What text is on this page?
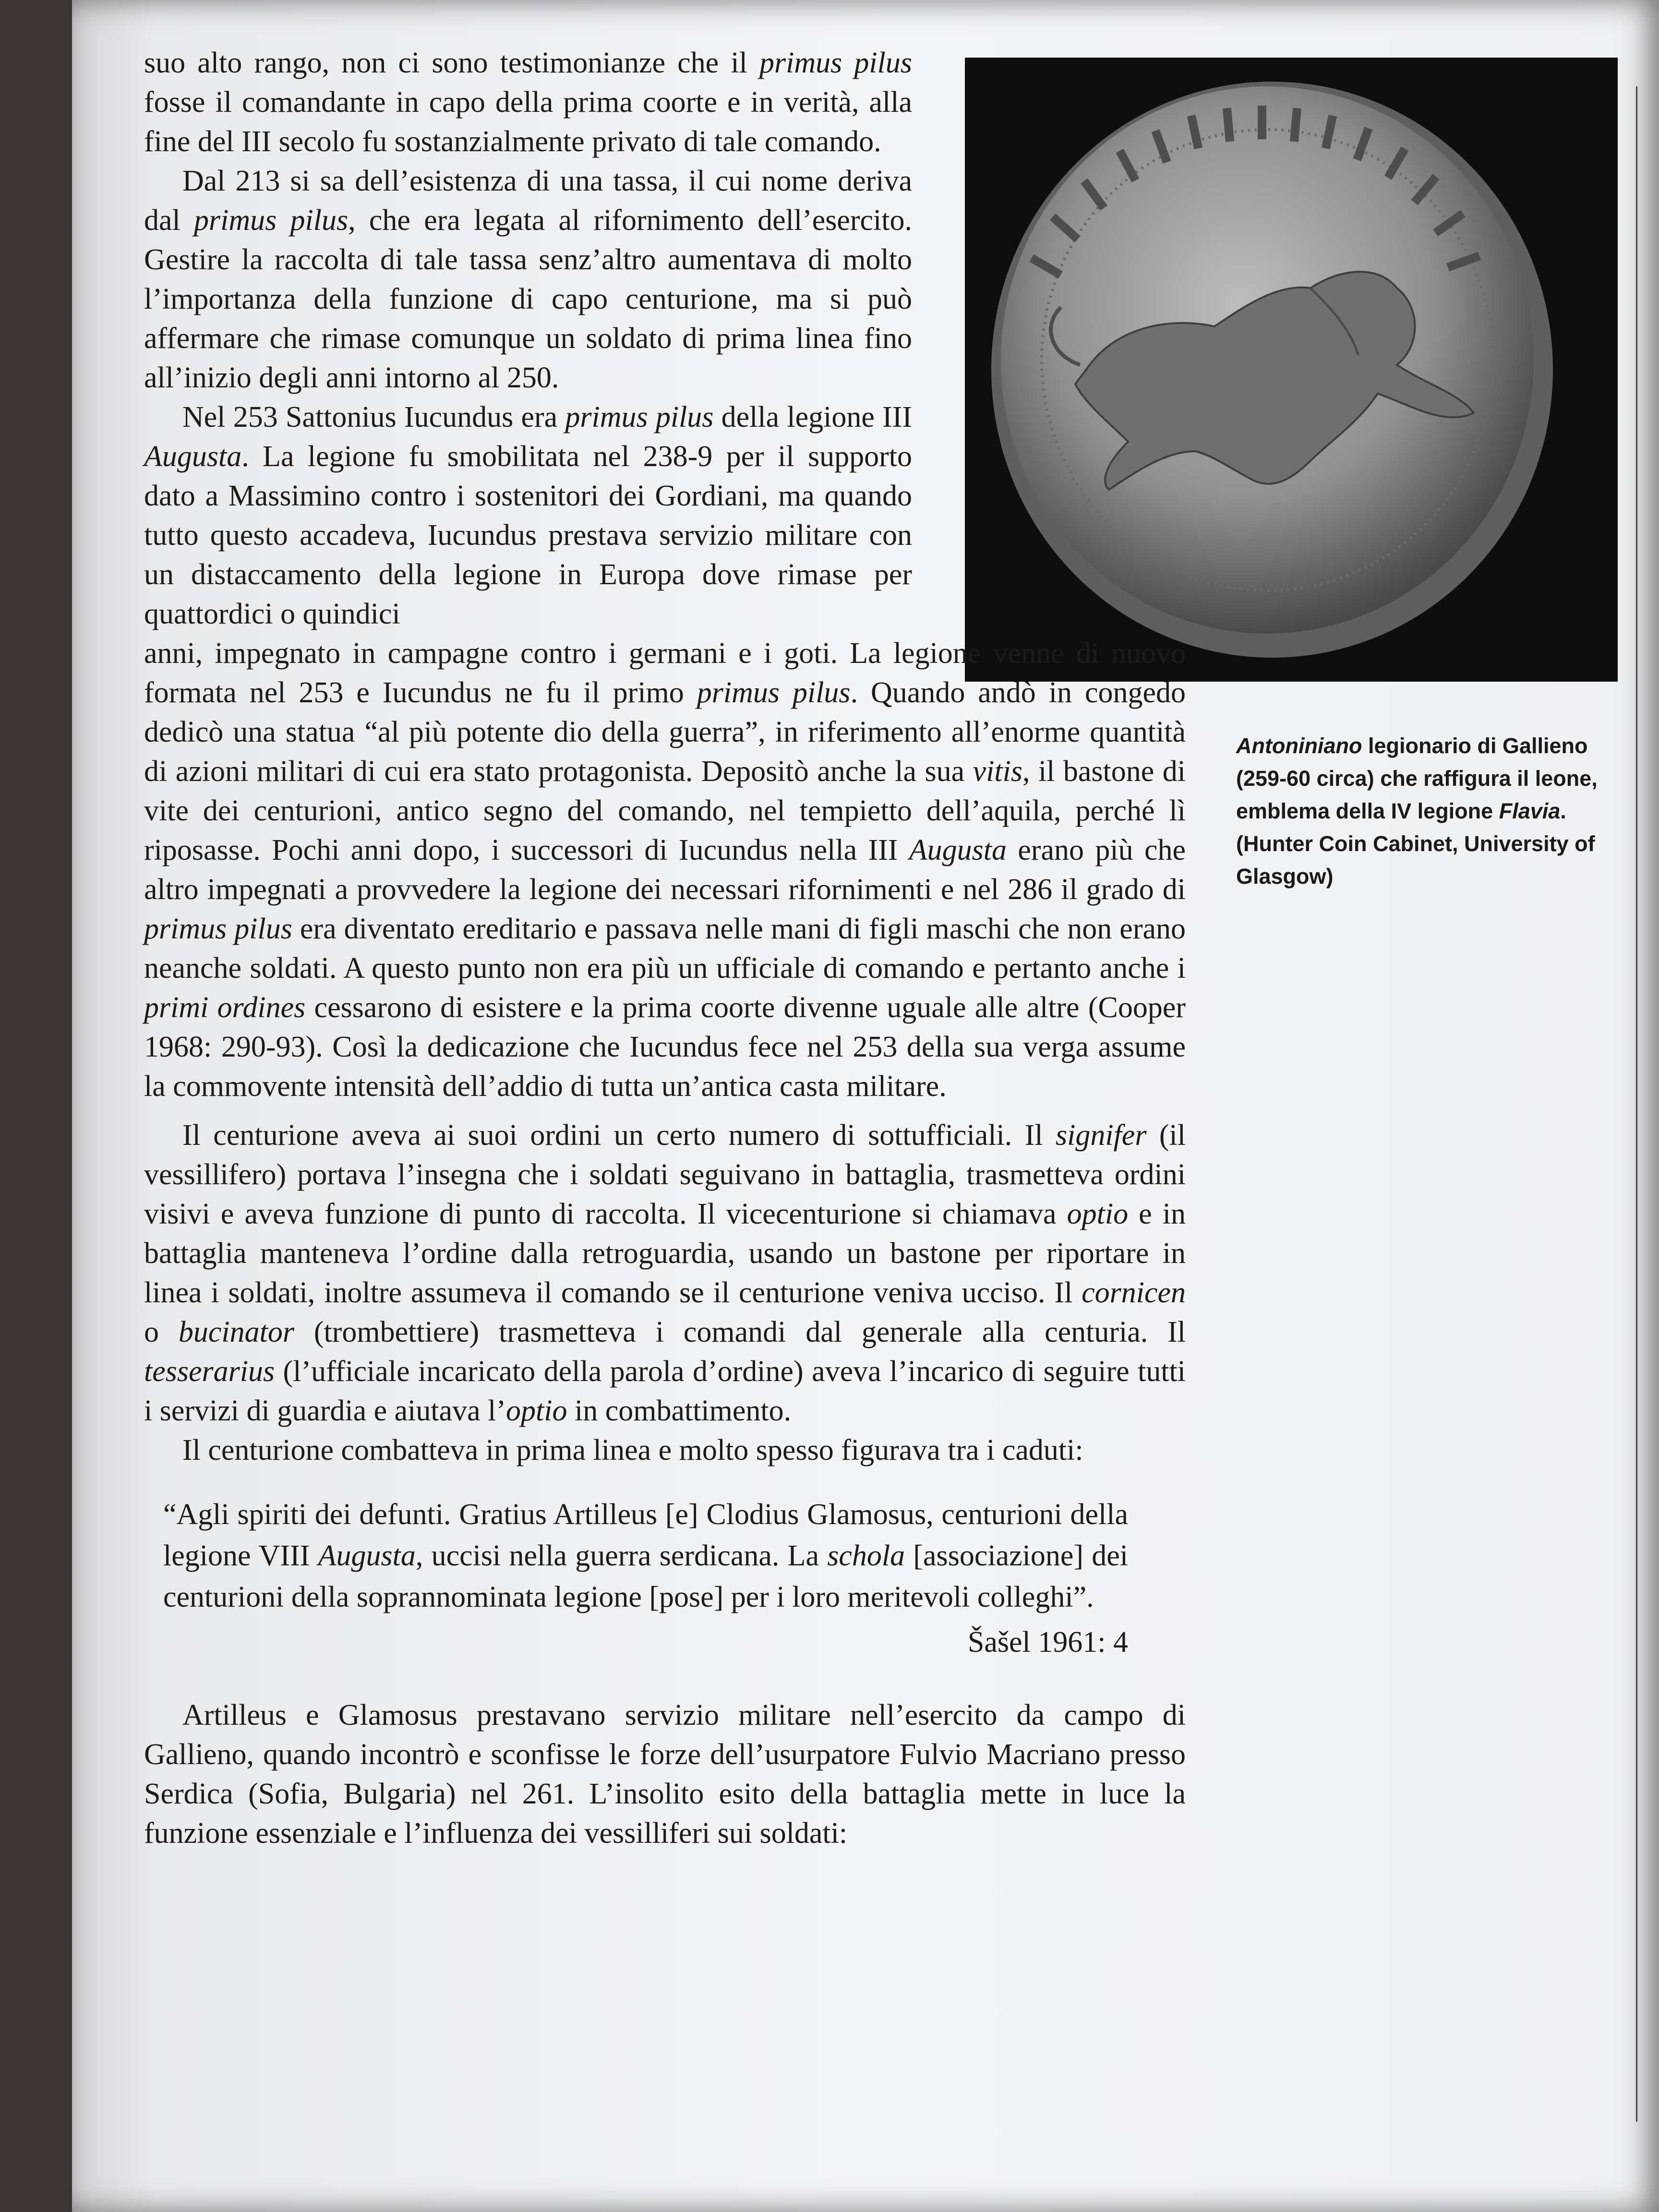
Antoniniano legionario di Gallieno (259-60 circa) che raffigura il leone, emblema della IV legione Flavia. (Hunter Coin Cabinet, University of Glasgow)

suo alto rango, non ci sono testimonianze che il primus pilus fosse il comandante in capo della prima coorte e in verità, alla fine del III secolo fu sostanzialmente privato di tale comando.

Dal 213 si sa dell’esistenza di una tassa, il cui nome deriva dal primus pilus, che era legata al rifornimento dell’esercito. Gestire la raccolta di tale tassa senz’altro aumentava di molto l’importanza della funzione di capo centurione, ma si può affermare che rimase comunque un soldato di prima linea fino all’inizio degli anni intorno al 250.

Nel 253 Sattonius Iucundus era primus pilus della legione III Augusta. La legione fu smobilitata nel 238-9 per il supporto dato a Massimino contro i sostenitori dei Gordiani, ma quando tutto questo accadeva, Iucundus prestava servizio militare con un distaccamento della legione in Europa dove rimase per quattordici o quindici

anni, impegnato in campagne contro i germani e i goti. La legione venne di nuovo formata nel 253 e Iucundus ne fu il primo primus pilus. Quando andò in congedo dedicò una statua “al più potente dio della guerra”, in riferimento all’enorme quantità di azioni militari di cui era stato protagonista. Depositò anche la sua vitis, il bastone di vite dei centurioni, antico segno del comando, nel tempietto dell’aquila, perché lì riposasse. Pochi anni dopo, i successori di Iucundus nella III Augusta erano più che altro impegnati a provvedere la legione dei necessari rifornimenti e nel 286 il grado di primus pilus era diventato ereditario e passava nelle mani di figli maschi che non erano neanche soldati. A questo punto non era più un ufficiale di comando e pertanto anche i primi ordines cessarono di esistere e la prima coorte divenne uguale alle altre (Cooper 1968: 290-93). Così la dedicazione che Iucundus fece nel 253 della sua verga assume la commovente intensità dell’addio di tutta un’antica casta militare.

Il centurione aveva ai suoi ordini un certo numero di sottufficiali. Il signifer (il vessillifero) portava l’insegna che i soldati seguivano in battaglia, trasmetteva ordini visivi e aveva funzione di punto di raccolta. Il vicecenturione si chiamava optio e in battaglia manteneva l’ordine dalla retroguardia, usando un bastone per riportare in linea i soldati, inoltre assumeva il comando se il centurione veniva ucciso. Il cornicen o bucinator (trombettiere) trasmetteva i comandi dal generale alla centuria. Il tesserarius (l’ufficiale incaricato della parola d’ordine) aveva l’incarico di seguire tutti i servizi di guardia e aiutava l’optio in combattimento.

Il centurione combatteva in prima linea e molto spesso figurava tra i caduti:

“Agli spiriti dei defunti. Gratius Artilleus [e] Clodius Glamosus, centurioni della legione VIII Augusta, uccisi nella guerra serdicana. La schola [associazione] dei centurioni della soprannominata legione [pose] per i loro meritevoli colleghi”.
Šašel 1961: 4

Artilleus e Glamosus prestavano servizio militare nell’esercito da campo di Gallieno, quando incontrò e sconfisse le forze dell’usurpatore Fulvio Macriano presso Serdica (Sofia, Bulgaria) nel 261. L’insolito esito della battaglia mette in luce la funzione essenziale e l’influenza dei vessilliferi sui soldati:
